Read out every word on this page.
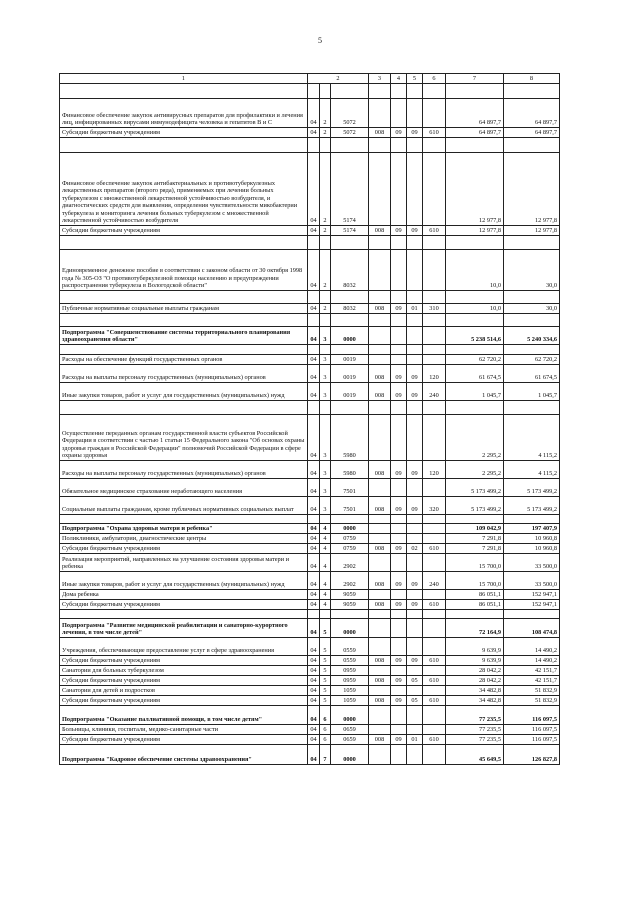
5
1	2			3	4	5	6	7	8

Финансовое обеспечение закупок антивирусных препаратов для профилактики и лечения лиц, инфицированных вирусами иммунодефицита человека и гепатитов В и С	04	2	5072					64 897,7	64 897,7
Субсидии бюджетным учреждениям	04	2	5072	008	09	09	610	64 897,7	64 897,7

Финансовое обеспечение закупок антибактериальных и противотуберкулезных лекарственных препаратов (второго ряда), применяемых при лечении больных туберкулезом с множественной лекарственной устойчивостью возбудителя, и диагностических средств для выявления, определения чувствительности микобактерии туберкулеза и мониторинга лечения больных туберкулезом с множественной лекарственной устойчивостью возбудителя	04	2	5174					12 977,8	12 977,8
Субсидии бюджетным учреждениям	04	2	5174	008	09	09	610	12 977,8	12 977,8

Единовременное денежное пособие в соответствии с законом области от 30 октября 1998 года № 305-ОЗ "О противотуберкулезной помощи населению и предупреждении распространения туберкулеза в Вологодской области"	04	2	8032					10,0	30,0

Публичные нормативные социальные выплаты гражданам	04	2	8032	008	09	01	310	10,0	30,0

Подпрограмма "Совершенствование системы территориального планирования здравоохранения области"	04	3	0000					5 238 514,6	5 240 334,6

Расходы на обеспечение функций государственных органов	04	3	0019					62 720,2	62 720,2
Расходы на выплаты персоналу государственных (муниципальных) органов	04	3	0019	008	09	09	120	61 674,5	61 674,5
Иные закупки товаров, работ и услуг для государственных (муниципальных) нужд	04	3	0019	008	09	09	240	1 045,7	1 045,7

Осуществление переданных органам государственной власти субъектов Российской Федерации в соответствии с частью 1 статьи 15 Федерального закона "Об основах охраны здоровья граждан в Российской Федерации" полномочий Российской Федерации в сфере охраны здоровья	04	3	5980					2 295,2	4 115,2
Расходы на выплаты персоналу государственных (муниципальных) органов	04	3	5980	008	09	09	120	2 295,2	4 115,2
Обязательное медицинское страхование неработающего населения	04	3	7501					5 173 499,2	5 173 499,2
Социальные выплаты гражданам, кроме публичных нормативных социальных выплат	04	3	7501	008	09	09	320	5 173 499,2	5 173 499,2

Подпрограмма "Охрана здоровья матери и ребенка"	04	4	0000					109 042,9	197 407,9
Поликлиники, амбулатории, диагностические центры	04	4	0759					7 291,8	10 960,8
Субсидии бюджетным учреждениям	04	4	0759	008	09	02	610	7 291,8	10 960,8
Реализация мероприятий, направленных на улучшение состояния здоровья матери и ребенка	04	4	2902					15 700,0	33 500,0
Иные закупки товаров, работ и услуг для государственных (муниципальных) нужд	04	4	2902	008	09	09	240	15 700,0	33 500,0
Дома ребенка	04	4	9059					86 051,1	152 947,1
Субсидии бюджетным учреждениям	04	4	9059	008	09	09	610	86 051,1	152 947,1

Подпрограмма "Развитие медицинской реабилитации и санаторно-курортного лечения, в том числе детей"	04	5	0000					72 164,9	108 474,8
Учреждения, обеспечивающие предоставление услуг в сфере здравоохранения	04	5	0559					9 639,9	14 490,2
Субсидии бюджетным учреждениям	04	5	0559	008	09	09	610	9 639,9	14 490,2
Санатории для больных туберкулезом	04	5	0959					28 042,2	42 151,7
Субсидии бюджетным учреждениям	04	5	0959	008	09	05	610	28 042,2	42 151,7
Санатории для детей и подростков	04	5	1059					34 482,8	51 832,9
Субсидии бюджетным учреждениям	04	5	1059	008	09	05	610	34 482,8	51 832,9
Подпрограмма "Оказание паллиативной помощи, в том числе детям"	04	6	0000					77 235,5	116 097,5
Больницы, клиники, госпитали, медико-санитарные части	04	6	0659					77 235,5	116 097,5
Субсидии бюджетным учреждениям	04	6	0659	008	09	01	610	77 235,5	116 097,5
Подпрограмма "Кадровое обеспечение системы здравоохранения"	04	7	0000					45 649,5	126 827,8
